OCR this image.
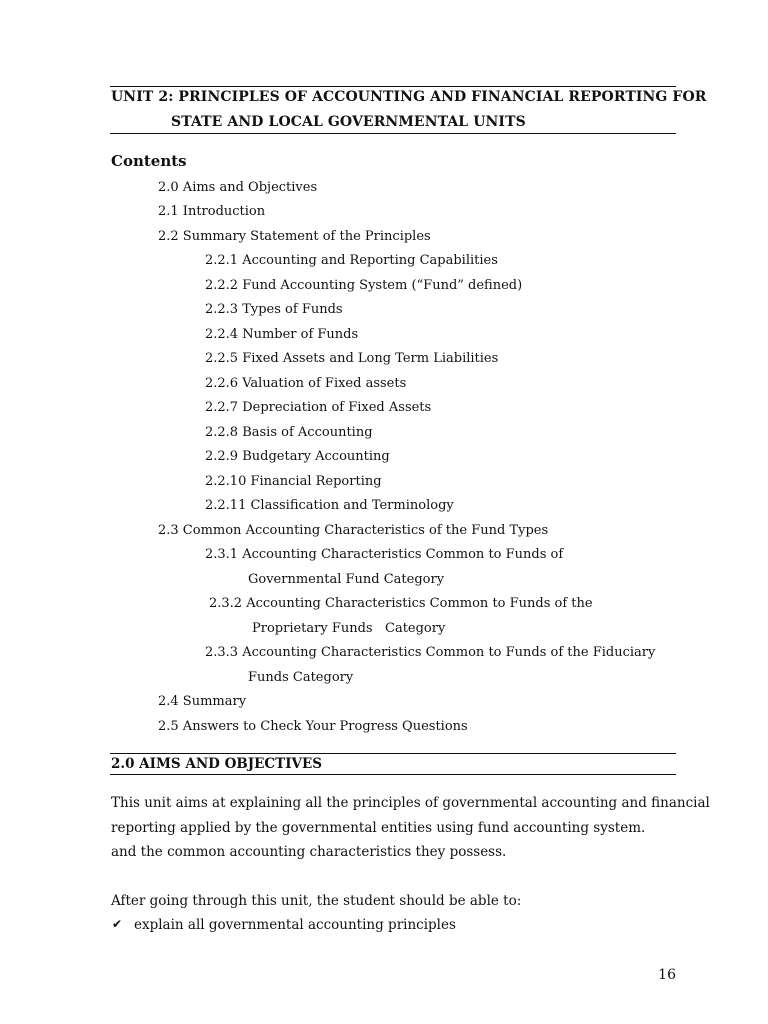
UNIT 2: PRINCIPLES OF ACCOUNTING AND FINANCIAL REPORTING FOR
STATE AND LOCAL GOVERNMENTAL UNITS
Contents
2.0 Aims and Objectives
2.1 Introduction
2.2 Summary Statement of the Principles
2.2.1 Accounting and Reporting Capabilities
2.2.2 Fund Accounting System (“Fund” defined)
2.2.3 Types of Funds
2.2.4 Number of Funds
2.2.5 Fixed Assets and Long Term Liabilities
2.2.6 Valuation of Fixed assets
2.2.7 Depreciation of Fixed Assets
2.2.8 Basis of Accounting
2.2.9 Budgetary Accounting
2.2.10 Financial Reporting
2.2.11 Classification and Terminology
2.3 Common Accounting Characteristics of the Fund Types
2.3.1 Accounting Characteristics Common to Funds of
Governmental Fund Category
2.3.2 Accounting Characteristics Common to Funds of the
Proprietary Funds   Category
2.3.3 Accounting Characteristics Common to Funds of the Fiduciary
Funds Category
2.4 Summary
2.5 Answers to Check Your Progress Questions
2.0 AIMS AND OBJECTIVES
This unit aims at explaining all the principles of governmental accounting and financial
reporting applied by the governmental entities using fund accounting system.
and the common accounting characteristics they possess.
After going through this unit, the student should be able to:
✔ explain all governmental accounting principles
16
